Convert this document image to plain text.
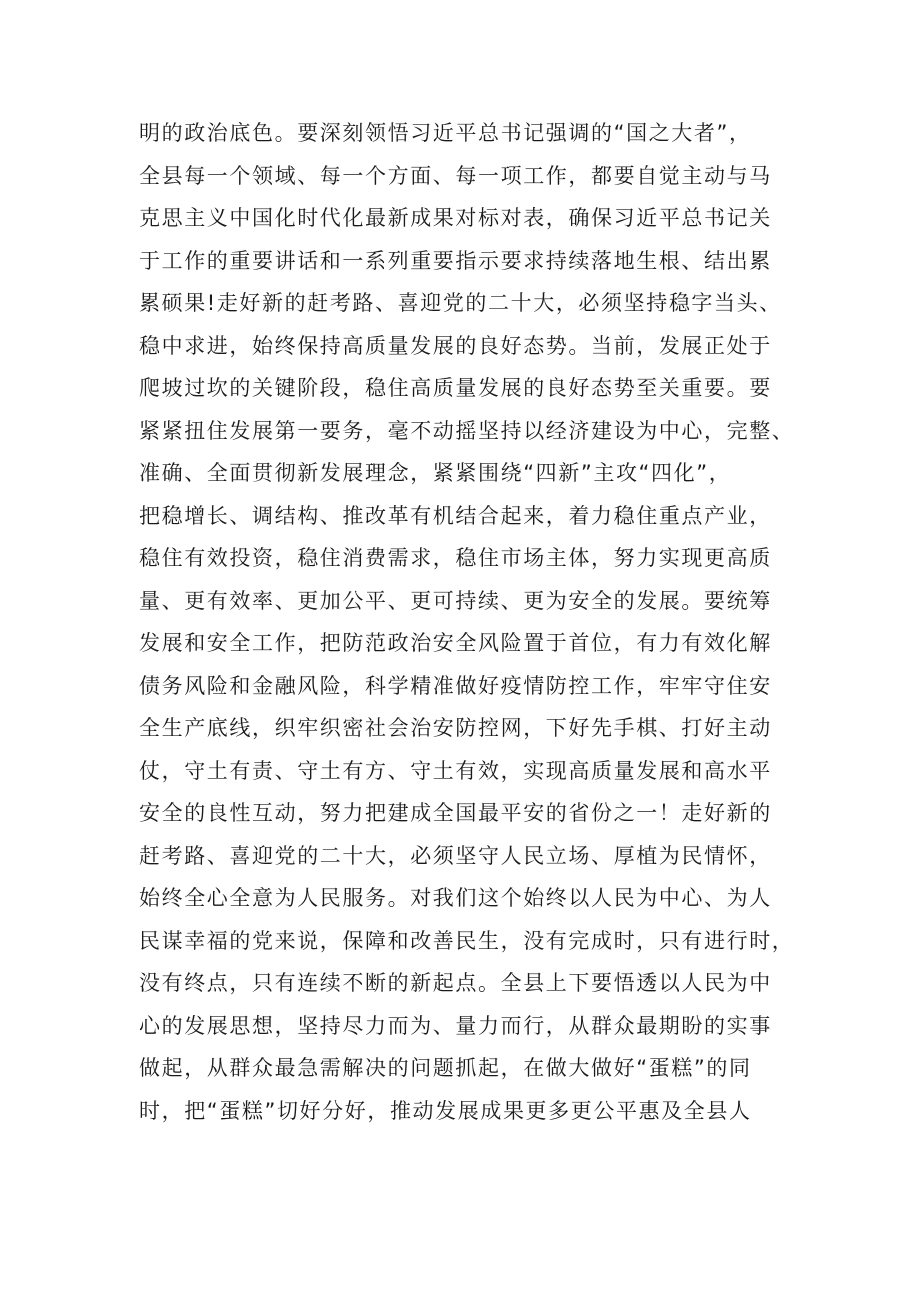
明的政治底色。要深刻领悟习近平总书记强调的“国之大者”，
全县每一个领域、每一个方面、每一项工作，都要自觉主动与马
克思主义中国化时代化最新成果对标对表，确保习近平总书记关
于工作的重要讲话和一系列重要指示要求持续落地生根、结出累
累硕果!走好新的赶考路、喜迎党的二十大，必须坚持稳字当头、
稳中求进，始终保持高质量发展的良好态势。当前，发展正处于
爬坡过坎的关键阶段，稳住高质量发展的良好态势至关重要。要
紧紧扭住发展第一要务，毫不动摇坚持以经济建设为中心，完整、
准确、全面贯彻新发展理念，紧紧围绕“四新”主攻“四化”，
把稳增长、调结构、推改革有机结合起来，着力稳住重点产业，
稳住有效投资，稳住消费需求，稳住市场主体，努力实现更高质
量、更有效率、更加公平、更可持续、更为安全的发展。要统筹
发展和安全工作，把防范政治安全风险置于首位，有力有效化解
债务风险和金融风险，科学精准做好疫情防控工作，牢牢守住安
全生产底线，织牢织密社会治安防控网，下好先手棋、打好主动
仗，守土有责、守土有方、守土有效，实现高质量发展和高水平
安全的良性互动，努力把建成全国最平安的省份之一！走好新的
赶考路、喜迎党的二十大，必须坚守人民立场、厚植为民情怀，
始终全心全意为人民服务。对我们这个始终以人民为中心、为人
民谋幸福的党来说，保障和改善民生，没有完成时，只有进行时，
没有终点，只有连续不断的新起点。全县上下要悟透以人民为中
心的发展思想，坚持尽力而为、量力而行，从群众最期盼的实事
做起，从群众最急需解决的问题抓起，在做大做好“蛋糕”的同
时，把“蛋糕”切好分好，推动发展成果更多更公平惠及全县人
